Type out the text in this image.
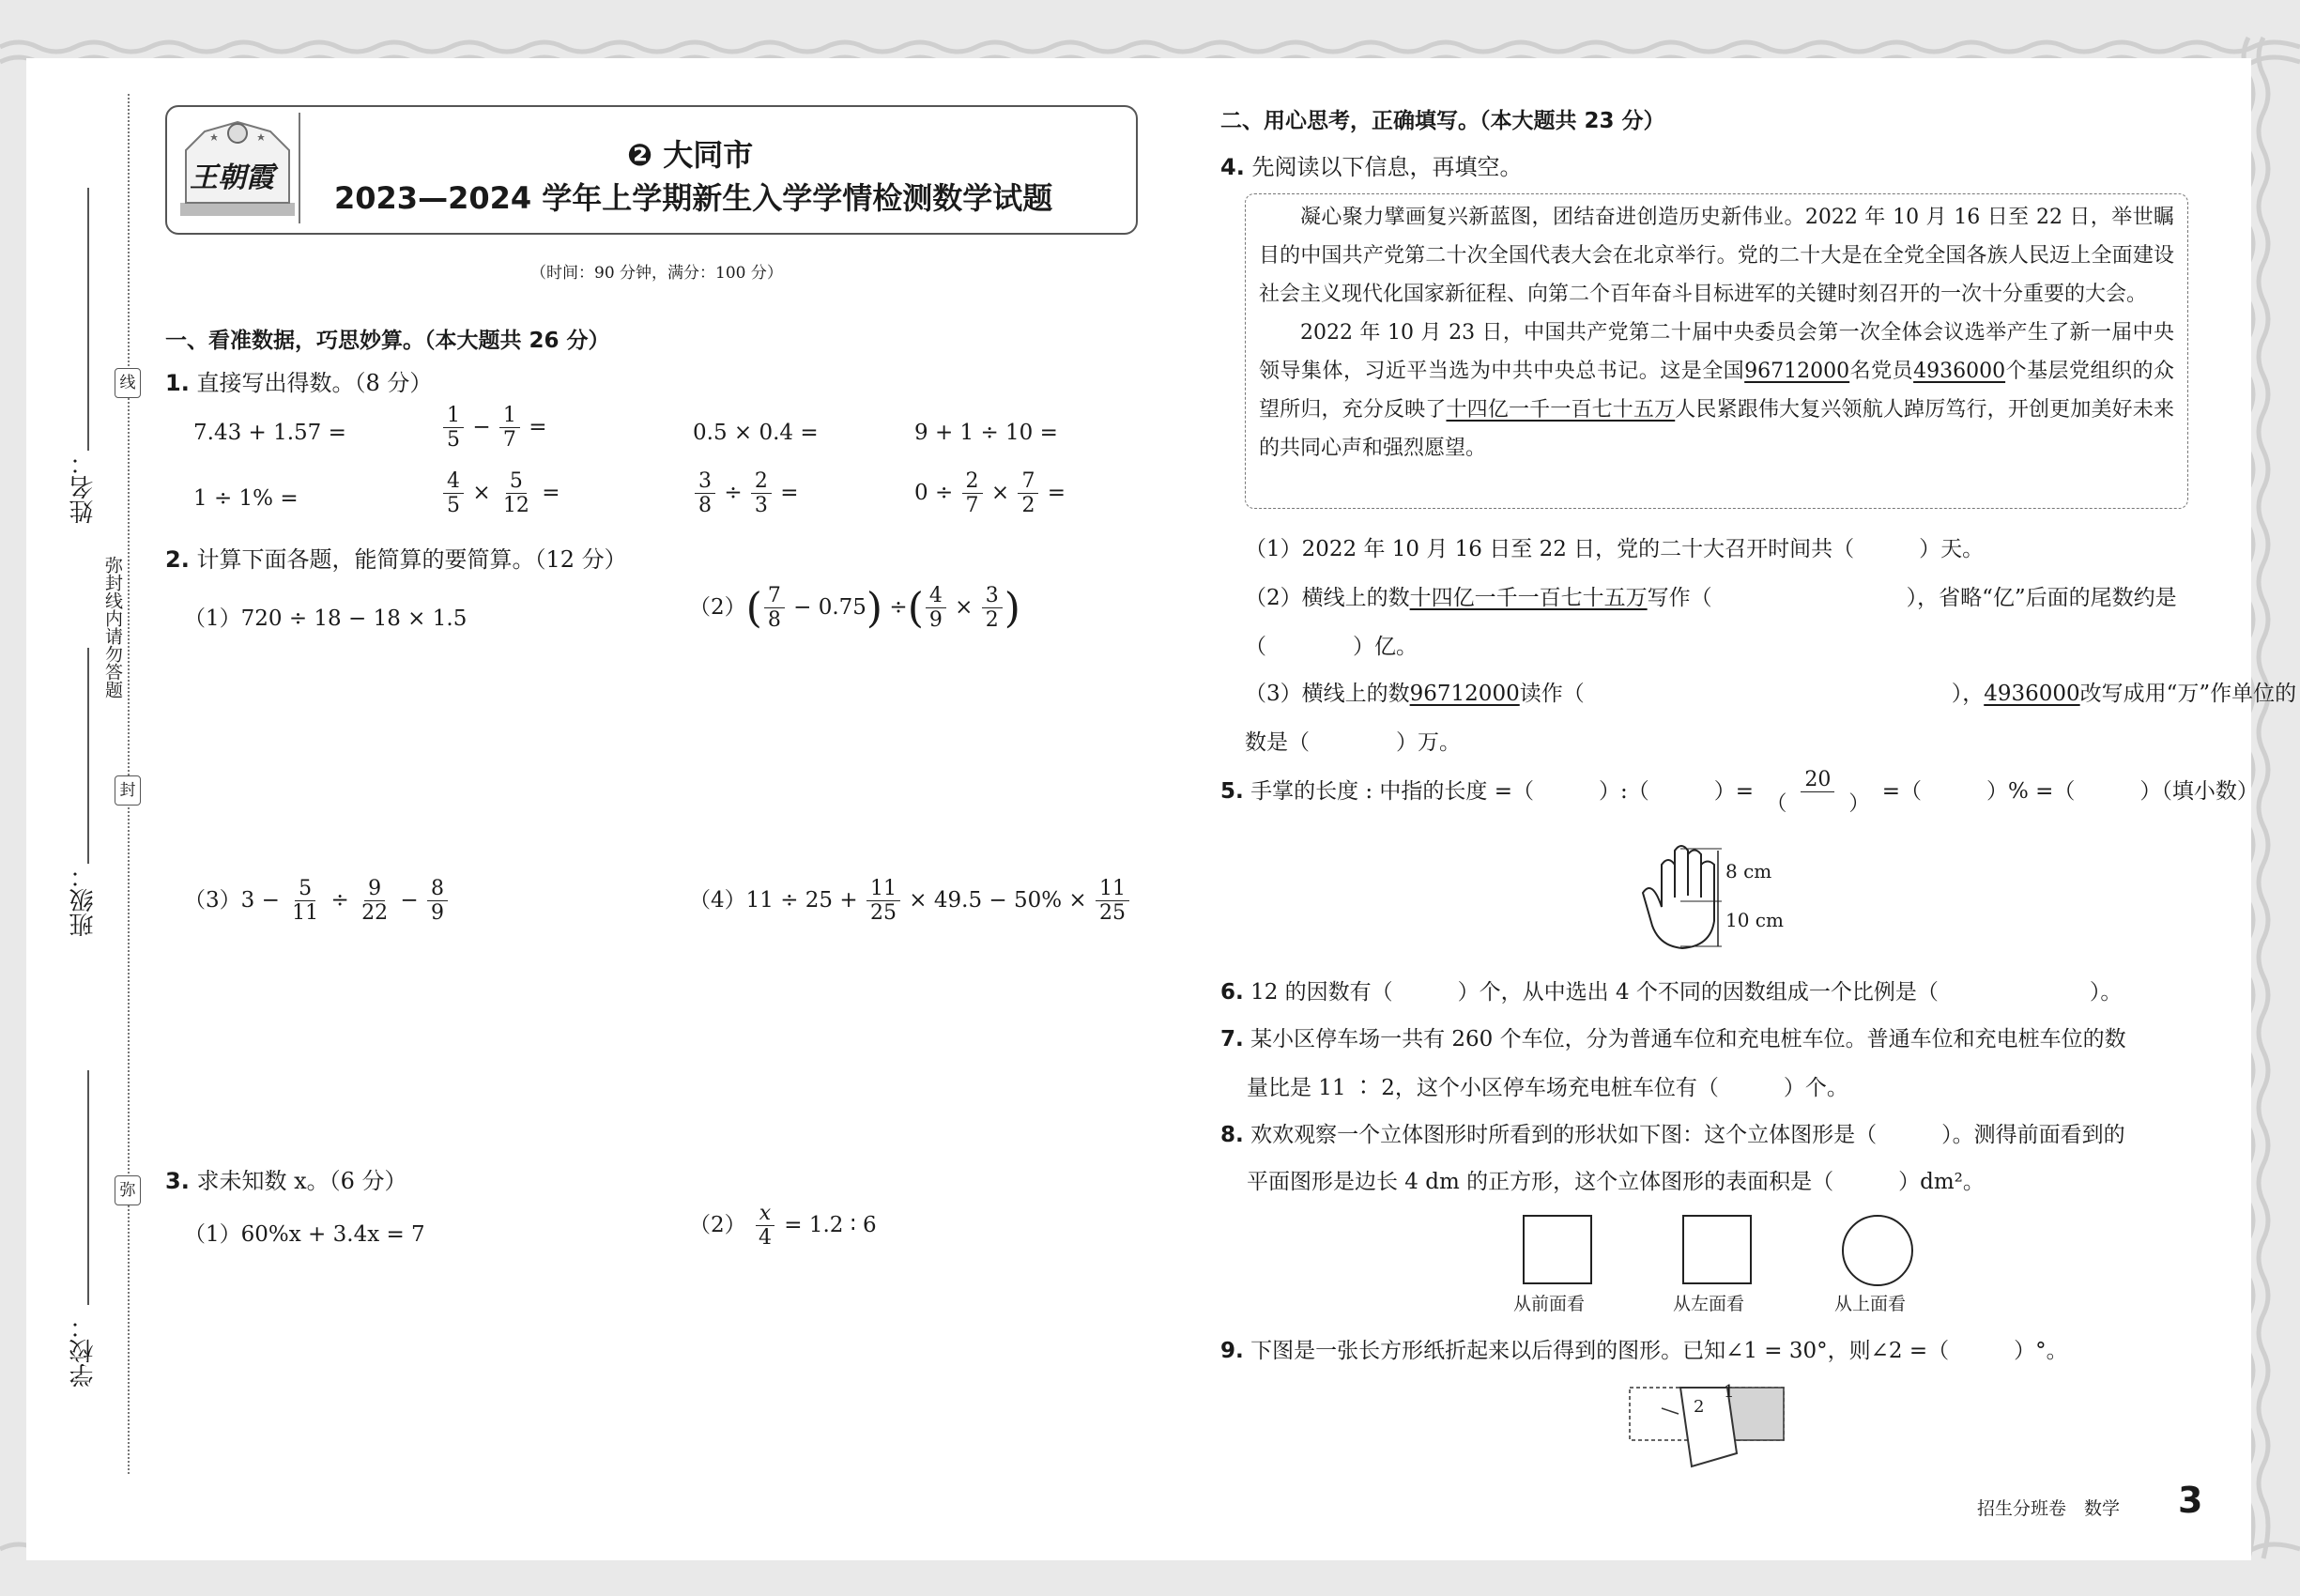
姓名：
班级：
学校：
线
弥封线内请勿答题
封
弥
王朝霞
❷ 大同市
2023—2024 学年上学期新生入学学情检测数学试题
（时间：90 分钟，满分：100 分）
一、看准数据，巧思妙算。（本大题共 26 分）
1. 直接写出得数。（8 分）
7.43 + 1.57 =	$\frac{1}{5} - \frac{1}{7}$ =	0.5 × 0.4 =	9 + 1 ÷ 10 =
1 ÷ 1% =	$\frac{4}{5} \times \frac{5}{12}$ =	$\frac{3}{8} \div \frac{2}{3}$ =	$0 \div \frac{2}{7} \times \frac{7}{2}$ =
2. 计算下面各题，能简算的要简算。（12 分）
（1）720 ÷ 18 − 18 × 1.5	$(2)( \frac{7}{8} - 0.75)$ ÷( $\frac{4}{9} \times \frac{3}{2}$ )
$(3)3 - \frac{5}{11} \div \frac{9}{22} - \frac{8}{9}$	$(4)11 \div 25 + \frac{11}{25} \times 49.5 - 50\% \times \frac{11}{25}$
3. 求未知数 x。（6 分）
（1）60%x + 3.4x = 7	$(2) \frac{x}{4} = 1.2$ ∶ 6
二、用心思考，正确填写。（本大题共 23 分）
4. 先阅读以下信息，再填空。

凝心聚力擘画复兴新蓝图，团结奋进创造历史新伟业。2022 年 10 月 16 日至 22 日，举世瞩目的中国共产党第二十次全国代表大会在北京举行。党的二十大是在全党全国各族人民迈上全面建设社会主义现代化国家新征程、向第二个百年奋斗目标进军的关键时刻召开的一次十分重要的大会。

2022 年 10 月 23 日，中国共产党第二十届中央委员会第一次全体会议选举产生了新一届中央领导集体，习近平当选为中共中央总书记。这是全国96712000名党员4936000个基层党组织的众望所归，充分反映了十四亿一千一百七十五万人民紧跟伟大复兴领航人踔厉笃行，开创更加美好未来的共同心声和强烈愿望。

（1）2022 年 10 月 16 日至 22 日，党的二十大召开时间共（　　　）天。
（2）横线上的数十四亿一千一百七十五万写作（　　　　　　　　　），省略“亿”后面的尾数约是
（　　　　）亿。
（3）横线上的数96712000读作（　　　　　　　　　　　　　　　　　），4936000改写成用“万”作单位的
数是（　　　　）万。
5. 手掌的长度 : 中指的长度 =（　　　）:（　　　）= $\frac{20}{( )}$ =（　　　）% =（　　　）（填小数）
8 cm
10 cm
6. 12 的因数有（　　　）个，从中选出 4 个不同的因数组成一个比例是（　　　　　　　）。
7. 某小区停车场一共有 260 个车位，分为普通车位和充电桩车位。普通车位和充电桩车位的数
量比是 11 ∶ 2，这个小区停车场充电桩车位有（　　　）个。
8. 欢欢观察一个立体图形时所看到的形状如下图：这个立体图形是（　　　）。测得前面看到的
平面图形是边长 4 dm 的正方形，这个立体图形的表面积是（　　　）dm²。
从前面看	从左面看	从上面看
9. 下图是一张长方形纸折起来以后得到的图形。已知∠1 = 30°，则∠2 =（　　　）°。
1
2
招生分班卷　数学 3
